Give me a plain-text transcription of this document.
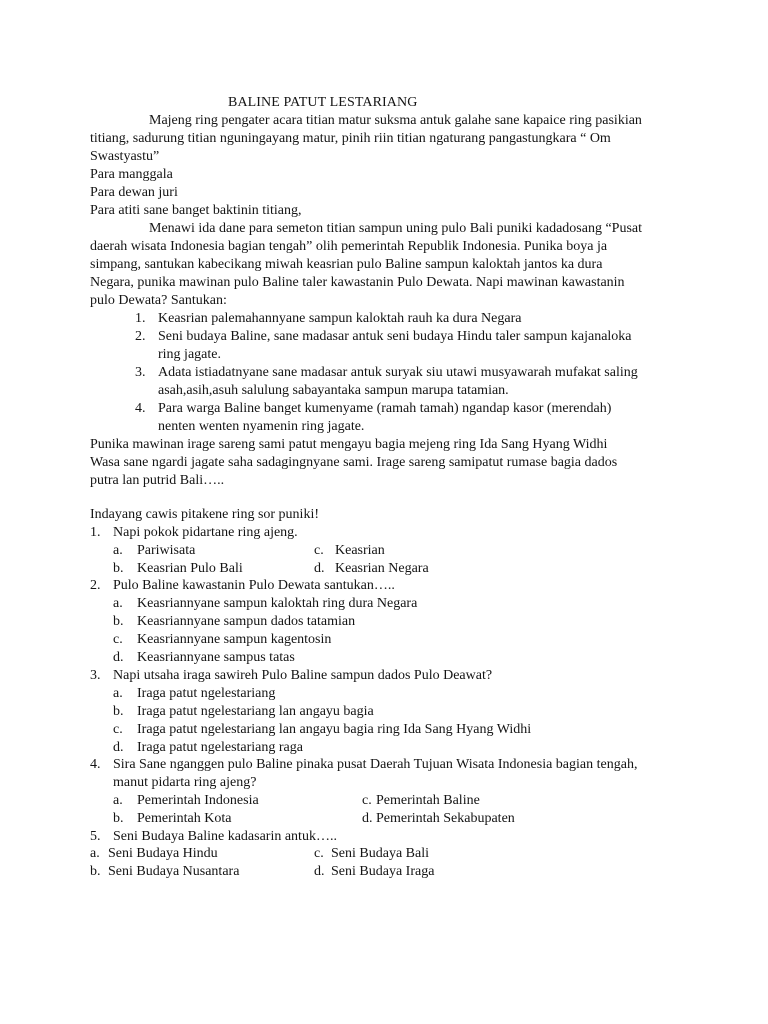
BALINE PATUT LESTARIANG
Majeng ring pengater acara titian matur suksma antuk galahe sane kapaice ring pasikian
titiang, sadurung titian nguningayang matur, pinih riin titian ngaturang pangastungkara “ Om
Swastyastu”
Para manggala
Para dewan juri
Para atiti sane banget baktinin titiang,
Menawi ida dane para semeton titian sampun uning pulo Bali puniki kadadosang “Pusat
daerah wisata Indonesia bagian tengah” olih pemerintah Republik Indonesia. Punika boya ja
simpang, santukan kabecikang miwah keasrian pulo Baline sampun kaloktah jantos ka dura
Negara, punika mawinan pulo Baline taler kawastanin Pulo Dewata. Napi mawinan kawastanin
pulo Dewata? Santukan:
1. Keasrian palemahannyane sampun kaloktah rauh ka dura Negara
2. Seni budaya Baline, sane madasar antuk seni budaya Hindu taler sampun kajanaloka
ring jagate.
3. Adata istiadatnyane sane madasar antuk suryak siu utawi musyawarah mufakat saling
asah,asih,asuh salulung sabayantaka sampun marupa tatamian.
4. Para warga Baline banget kumenyame (ramah tamah) ngandap kasor (merendah)
nenten wenten nyamenin ring jagate.
Punika mawinan irage sareng sami patut mengayu bagia mejeng ring Ida Sang Hyang Widhi
Wasa sane ngardi jagate saha sadagingnyane sami. Irage sareng samipatut rumase bagia dados
putra lan putrid Bali…..
Indayang cawis pitakene ring sor puniki!
1. Napi pokok pidartane ring ajeng.
a. Pariwisata	c. Keasrian
b. Keasrian Pulo Bali	d. Keasrian Negara
2. Pulo Baline kawastanin Pulo Dewata santukan…..
a. Keasriannyane sampun kaloktah ring dura Negara
b. Keasriannyane sampun dados tatamian
c. Keasriannyane sampun kagentosin
d. Keasriannyane sampus tatas
3. Napi utsaha iraga sawireh Pulo Baline sampun dados Pulo Deawat?
a. Iraga patut ngelestariang
b. Iraga patut ngelestariang lan angayu bagia
c. Iraga patut ngelestariang lan angayu bagia ring Ida Sang Hyang Widhi
d. Iraga patut ngelestariang raga
4. Sira Sane nganggen pulo Baline pinaka pusat Daerah Tujuan Wisata Indonesia bagian tengah,
manut pidarta ring ajeng?
a. Pemerintah Indonesia	c. Pemerintah Baline
b. Pemerintah Kota	d. Pemerintah Sekabupaten
5. Seni Budaya Baline kadasarin antuk…..
a. Seni Budaya Hindu	c. Seni Budaya Bali
b. Seni Budaya Nusantara	d. Seni Budaya Iraga
